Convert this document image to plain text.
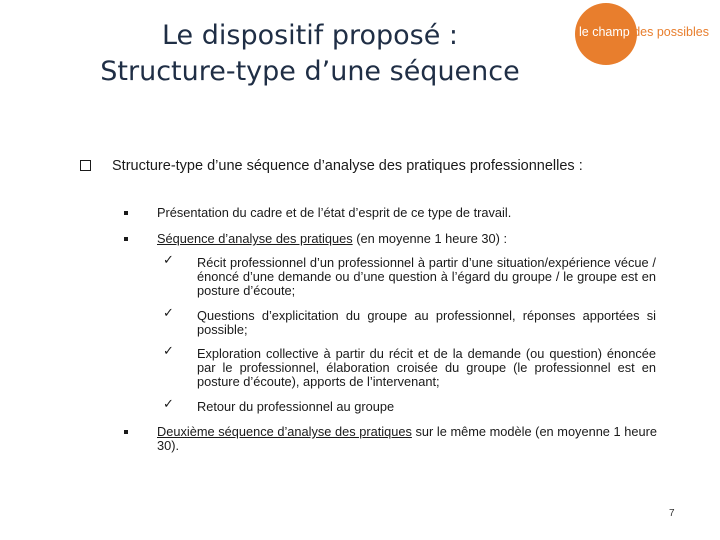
Le dispositif proposé :
Structure-type d’une séquence
le champ des possibles
Structure-type d’une séquence d’analyse des pratiques professionnelles :
Présentation du cadre et de l’état d’esprit de ce type de travail.
Séquence d’analyse des pratiques (en moyenne 1 heure 30) :
✓ Récit professionnel d’un professionnel à partir d’une situation/expérience vécue / énoncé d’une demande ou d’une question à l’égard du groupe / le groupe est en posture d’écoute;
✓ Questions d’explicitation du groupe au professionnel, réponses apportées si possible;
✓ Exploration collective à partir du récit et de la demande (ou question) énoncée par le professionnel, élaboration croisée du groupe (le professionnel est en posture d’écoute), apports de l’intervenant;
✓ Retour du professionnel au groupe
Deuxième séquence d’analyse des pratiques sur le même modèle (en moyenne 1 heure 30).
7
